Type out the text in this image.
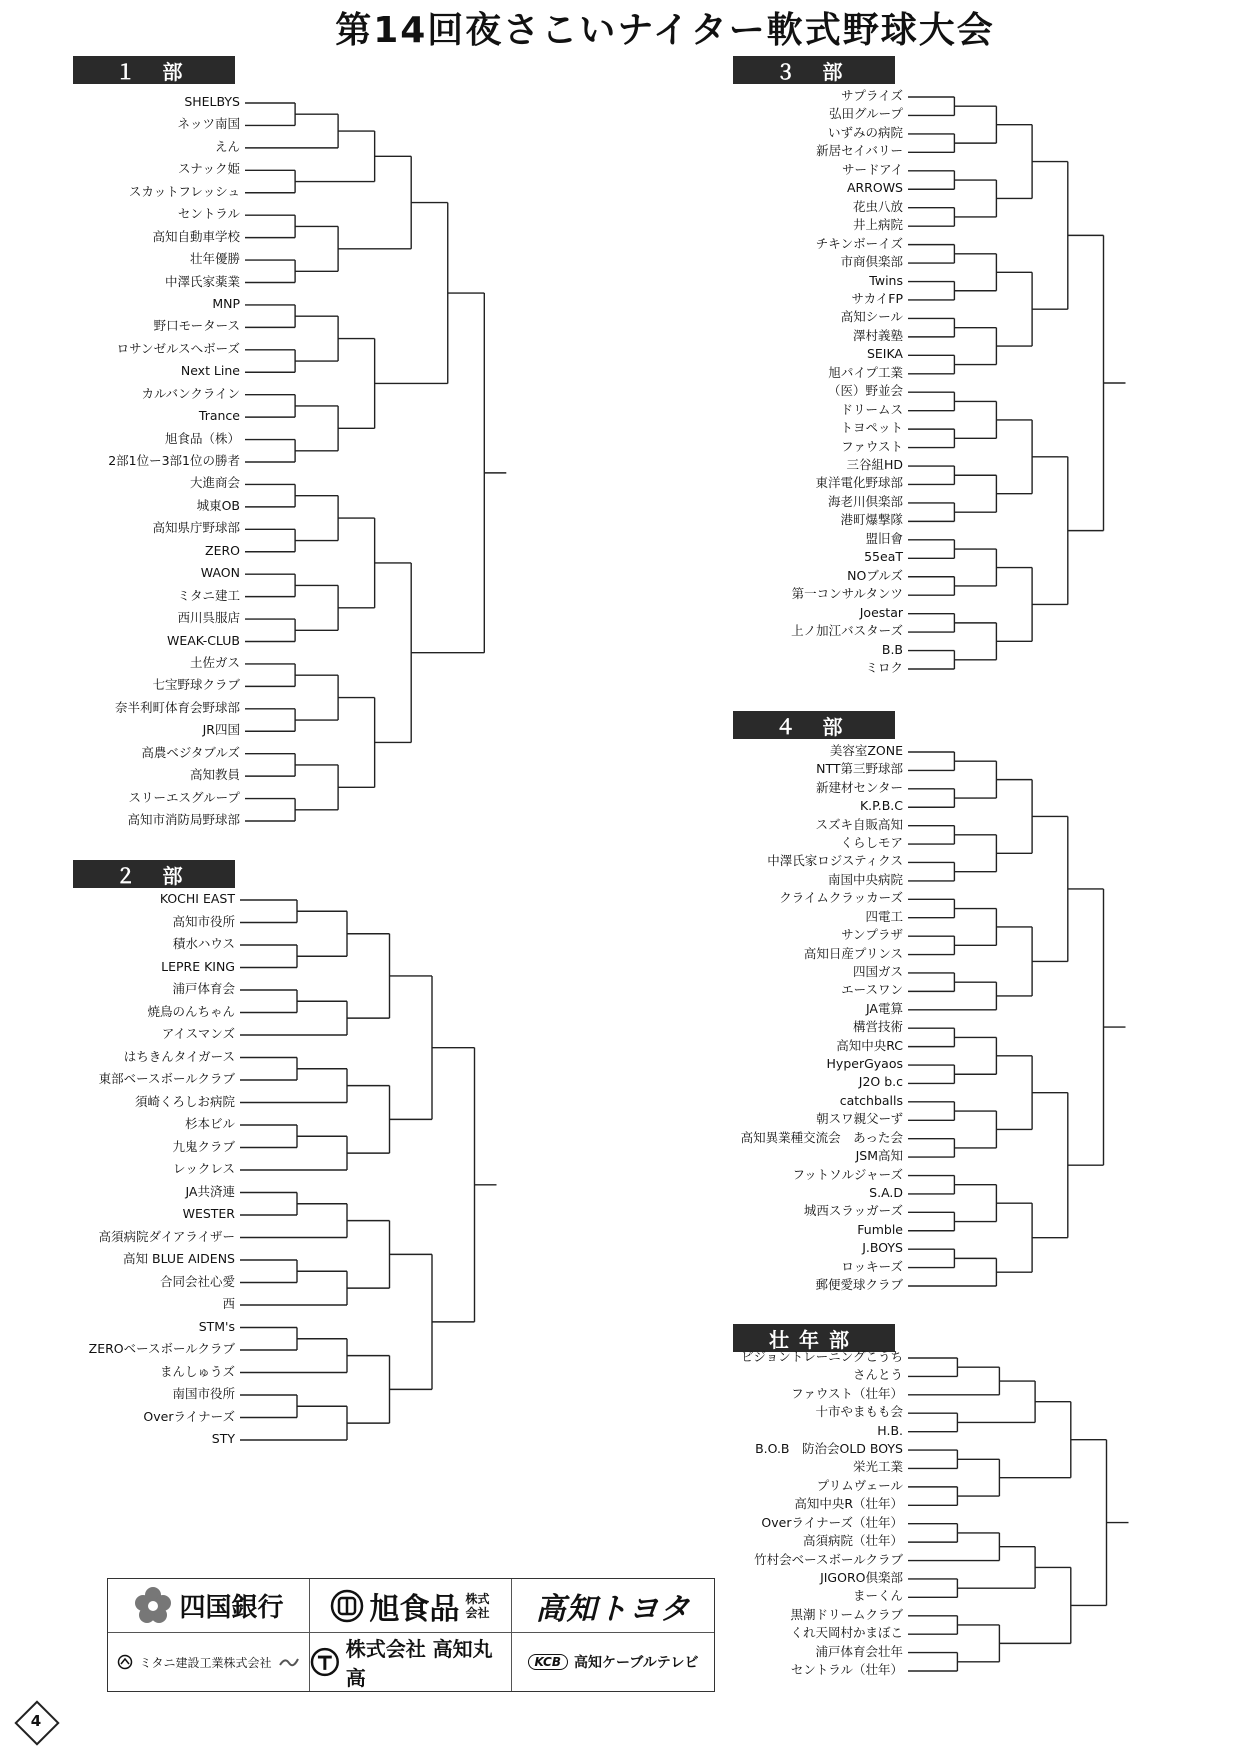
第14回夜さこいナイター軟式野球大会
１ 部
２ 部
３ 部
４ 部
壮年部
SHELBYS
ネッツ南国
えん
スナック姫
スカットフレッシュ
セントラル
高知自動車学校
壮年優勝
中澤氏家薬業
MNP
野口モータース
ロサンゼルスへボーズ
Next Line
カルバンクライン
Trance
旭食品（株）
2部1位ー3部1位の勝者
大進商会
城東OB
高知県庁野球部
ZERO
WAON
ミタニ建工
西川呉服店
WEAK-CLUB
土佐ガス
七宝野球クラブ
奈半利町体育会野球部
JR四国
高農ベジタブルズ
高知教員
スリーエスグループ
高知市消防局野球部
KOCHI EAST
高知市役所
積水ハウス
LEPRE KING
浦戸体育会
焼鳥のんちゃん
アイスマンズ
はちきんタイガース
東部ベースボールクラブ
須崎くろしお病院
杉本ビル
九鬼クラブ
レックレス
JA共済連
WESTER
高須病院ダイアライザー
高知 BLUE AIDENS
合同会社心愛
西
STM's
ZEROベースボールクラブ
まんしゅうズ
南国市役所
Overライナーズ
STY
サプライズ
弘田グループ
いずみの病院
新居セイバリー
サードアイ
ARROWS
花虫八放
井上病院
チキンボーイズ
市商倶楽部
Twins
サカイFP
高知シール
澤村義塾
SEIKA
旭パイプ工業
（医）野並会
ドリームス
トヨペット
ファウスト
三谷組HD
東洋電化野球部
海老川倶楽部
港町爆撃隊
盟旧會
55eaT
NOブルズ
第一コンサルタンツ
Joestar
上ノ加江バスターズ
B.B
ミロク
美容室ZONE
NTT第三野球部
新建材センター
K.P.B.C
スズキ自販高知
くらしモア
中澤氏家ロジスティクス
南国中央病院
クライムクラッカーズ
四電工
サンプラザ
高知日産プリンス
四国ガス
エースワン
JA電算
構営技術
高知中央RC
HyperGyaos
J2O b.c
catchballs
朝スワ親父ーず
高知異業種交流会　あった会
JSM高知
フットソルジャーズ
S.A.D
城西スラッガーズ
Fumble
J.BOYS
ロッキーズ
郵便愛球クラブ
ビジョントレーニングこうち
さんとう
ファウスト（壮年）
十市やまもも会
H.B.
B.O.B　防治会OLD BOYS
栄光工業
プリムヴェール
高知中央R（壮年）
Overライナーズ（壮年）
高須病院（壮年）
竹村会ベースボールクラブ
JIGORO倶楽部
まーくん
黒潮ドリームクラブ
くれ天岡村かまぼこ
浦戸体育会壮年
セントラル（壮年）
四国銀行	旭食品 株式会社 高知トヨタ
ミタニ建設工業株式会社
株式会社 高知丸高
KCB 高知ケーブルテレビ
4
